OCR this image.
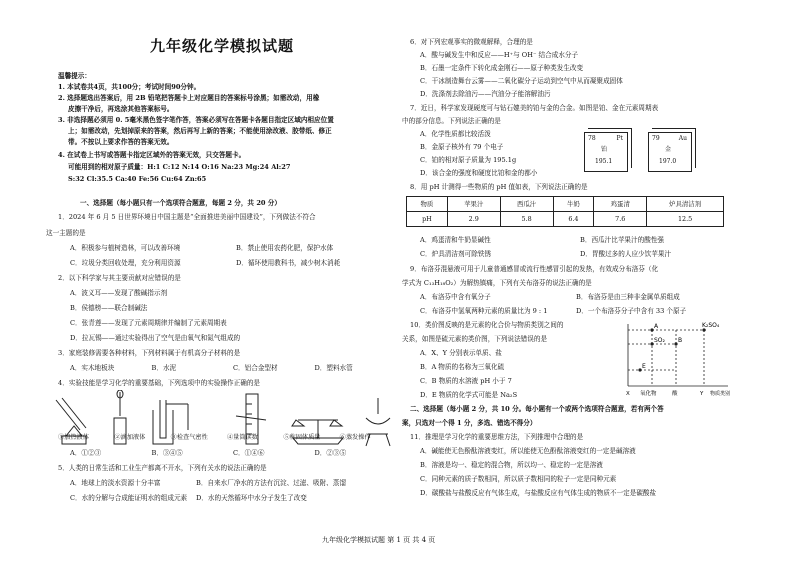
九年级化学模拟试题
温馨提示：
1. 本试卷共4页，共100分；考试时间90分钟。
2. 选择题选出答案后，用 2B 铅笔把答题卡上对应题目的答案标号涂黑；如需改动，用橡
皮擦干净后，再选涂其他答案标号。
3. 非选择题必须用 0. 5毫米黑色签字笔作答，答案必须写在答题卡各题目指定区域内相应位置
上；如需改动，先划掉原来的答案，然后再写上新的答案；不能使用涂改液、胶带纸、修正
带。不按以上要求作答的答案无效。
4. 在试卷上书写或答题卡指定区域外的答案无效，只交答题卡。
可能用到的相对原子质量：H:1 C:12 N:14 O:16 Na:23 Mg:24 Al:27
S:32 Cl:35.5 Ca:40 Fe:56 Cu:64 Zn:65
一、选择题（每小题只有一个选项符合题意，每题 2 分，共 20 分）
1．2024 年 6 月 5 日世界环境日中国主题是“全面推进美丽中国建设”，下列做法不符合
这一主题的是
A．积极参与植树造林，可以改善环境	B．禁止使用农药化肥，保护水体
C．垃圾分类回收处理，充分利用资源	D．循环使用教科书，减少树木消耗
2．以下科学家与其主要贡献对应错误的是
A．波义耳——发现了酸碱指示剂
B．侯德榜——联合制碱法
C．张青莲——发现了元素周期律并编制了元素周期表
D．拉瓦锡——通过实验得出了空气是由氧气和氮气组成的
3．家庭装修需要各种材料，下列材料属于有机高分子材料的是
A．实木地板块	B．水泥	C．铝合金型材	D．塑料水管
4．实验技能是学习化学的重要基础，下列选项中的实验操作正确的是
①加热液体	②滴加液体	③检查气密性	④量筒读数	⑤称固体质量	⑥蒸发操作
A．①②③	B．③④⑤	C．①④⑥	D．②③⑤
5．人类的日常生活和工业生产都离不开水，下列有关水的说法正确的是
A．地球上的淡水资源十分丰富	B．自来水厂净水的方法有沉淀、过滤、吸附、蒸馏
C．水的分解与合成能证明水的组成元素	D．水的天然循环中水分子发生了改变
6．对下列宏观事实的微观解释，合理的是
A．酸与碱发生中和反应——H⁺与 OH⁻ 结合成水分子
B．石墨一定条件下转化成金刚石——原子种类发生改变
C．干冰制造舞台云雾——二氧化碳分子运动到空气中从而凝聚成固体
D．洗涤剂去除油污——汽油分子能溶解油污
7．近日，科学家发现硬度可与钻石媲美的铂与金的合金。如图是铂、金在元素周期表
中的部分信息。下列说法正确的是
A．化学性质都比较活泼
B．金原子核外有 79 个电子
C．铂的相对原子质量为 195.1g
D．该合金的强度和硬度比铂和金的都小
78	Pt
铂
195.1
79	Au
金
197.0
8．用 pH 计测得一些物质的 pH 值如表，下列说法正确的是
物质	苹果汁	西瓜汁	牛奶	鸡蛋清	炉具清洁剂
pH	2.9	5.8	6.4	7.6	12.5
A．鸡蛋清和牛奶显碱性	B．西瓜汁比苹果汁的酸性强
C．炉具清洁剂可除铁锈	D．胃酸过多的人应少饮苹果汁
9．布洛芬混悬液可用于儿童普通感冒或流行性感冒引起的发热，有效成分布洛芬（化
学式为 C₁₃H₁₈O₂）为解热镇痛，下列有关布洛芬的说法正确的是
A．布洛芬中含有氧分子	B．布洛芬是由三种非金属单质组成
C．布洛芬中氢氧两种元素的质量比为 9 : 1	D．一个布洛芬分子中含有 33 个原子
10．类价图反映的是元素的化合价与物质类别之间的
关系，如图是硫元素的类价图，下列说法错误的是
A．X、Y 分别表示单质、盐
B．A 物质的名称为三氧化硫
C．B 物质的水溶液 pH 小于 7
D．E 物质的化学式可能是 Na₂S
A
SO₂ B
K₂SO₄
E
X 氧化物	酸	Y 物质类别
二、选择题（每小题 2 分，共 10 分。每小题有一个或两个选项符合题意，若有两个答
案，只选对一个得 1 分，多选、错选不得分）
11．推理是学习化学的重要思维方法，下列推理中合理的是
A．碱能使无色酚酞溶液变红，所以能使无色酚酞溶液变红的一定是碱溶液
B．溶液是均一、稳定的混合物，所以均一、稳定的一定是溶液
C．同种元素的质子数相同，所以质子数相同的粒子一定是同种元素
D．碳酸盐与盐酸反应有气体生成，与盐酸反应有气体生成的物质不一定是碳酸盐
九年级化学模拟试题 第 1 页 共 4 页
